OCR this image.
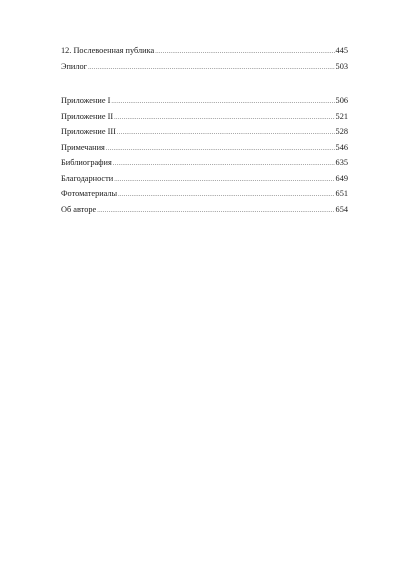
12. Послевоенная публика .....	445
Эпилог .....	503
Приложение I .....	506
Приложение II .....	521
Приложение III .....	528
Примечания .....	546
Библиография .....	635
Благодарности .....	649
Фотоматериалы .....	651
Об авторе .....	654
